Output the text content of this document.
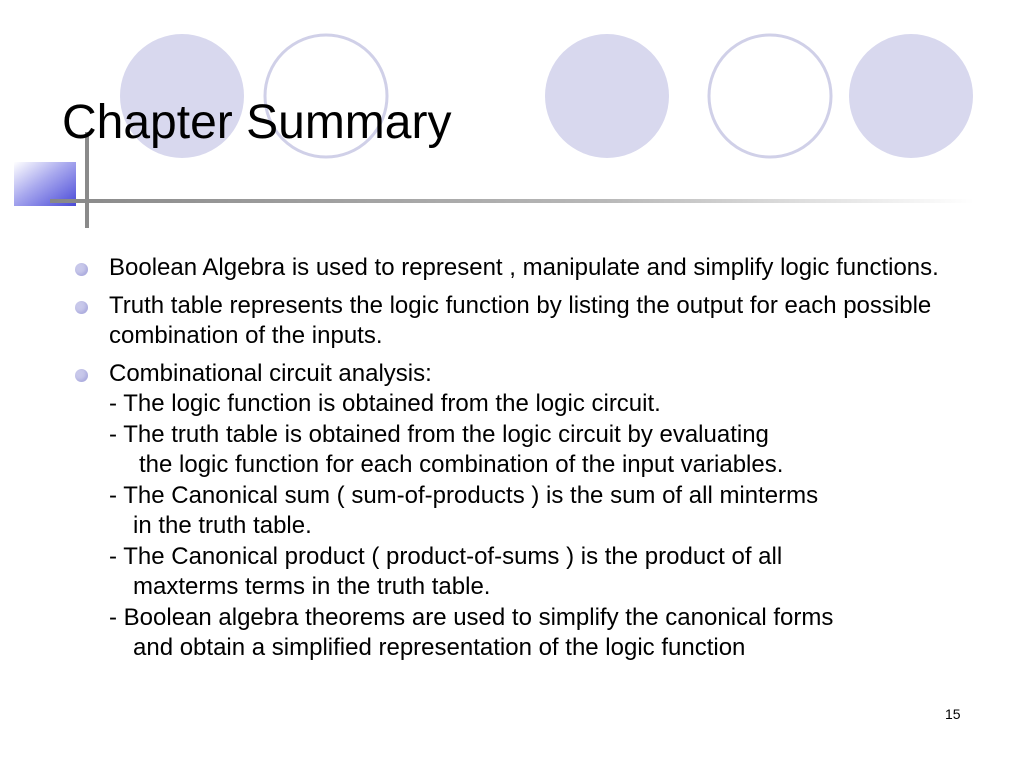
Chapter Summary
Boolean Algebra is used to represent , manipulate and simplify logic functions.
Truth table represents the logic function by listing the output for each possible combination of the inputs.
Combinational circuit analysis:
- The logic function is obtained from the logic circuit.
- The truth table is obtained from the logic circuit by evaluating
the logic function for each combination of the input variables.
- The Canonical sum ( sum-of-products ) is the sum of all minterms
in the truth table.
- The Canonical product ( product-of-sums ) is the product of all
maxterms terms in the truth table.
- Boolean algebra theorems are used to simplify the canonical forms
and obtain a simplified representation of the logic function
15
